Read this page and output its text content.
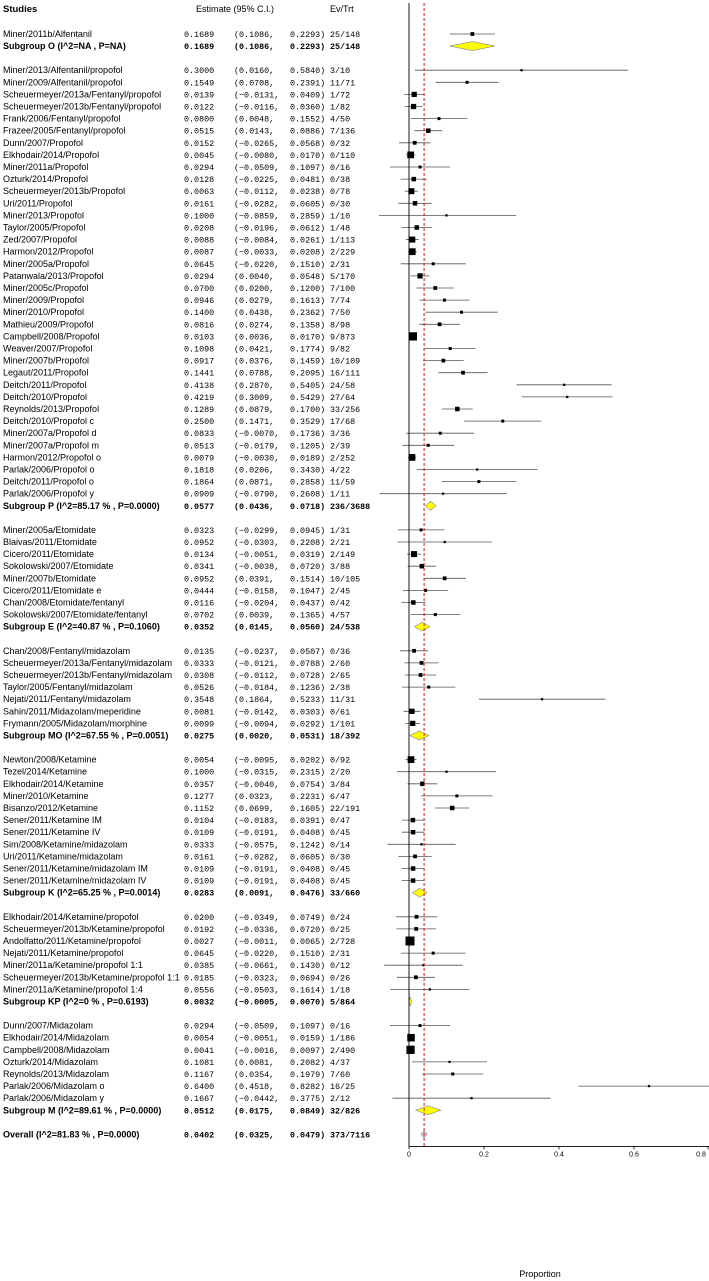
Studies	Estimate (95% C.I.)	Ev/Trt
Miner/2011b/Alfentanil	0.1689 (0.1086, 0.2293) 25/148
Subgroup O (I^2=NA , P=NA)	0.1689 (0.1086, 0.2293) 25/148
Miner/2013/Alfentanil/propofol	0.3000 (0.0160, 0.5840) 3/10
Miner/2009/Alfentanil/propofol	0.1549 (0.0708, 0.2391) 11/71
Scheuermeyer/2013a/Fentanyl/propofol	0.0139 (−0.0131, 0.0409) 1/72
Scheuermeyer/2013b/Fentanyl/propofol	0.0122 (−0.0116, 0.0360) 1/82
Frank/2006/Fentanyl/propofol	0.0800 (0.0048, 0.1552) 4/50
Frazee/2005/Fentanyl/propofol	0.0515 (0.0143, 0.0886) 7/136
Dunn/2007/Propofol	0.0152 (−0.0265, 0.0568) 0/32
Elkhodair/2014/Propofol	0.0045 (−0.0080, 0.0170) 0/110
Miner/2011a/Propofol	0.0294 (−0.0509, 0.1097) 0/16
Ozturk/2014/Propofol	0.0128 (−0.0225, 0.0481) 0/38
Scheuermeyer/2013b/Propofol	0.0063 (−0.0112, 0.0238) 0/78
Uri/2011/Propofol	0.0161 (−0.0282, 0.0605) 0/30
Miner/2013/Propofol	0.1000 (−0.0859, 0.2859) 1/10
Taylor/2005/Propofol	0.0208 (−0.0196, 0.0612) 1/48
Zed/2007/Propofol	0.0088 (−0.0084, 0.0261) 1/113
Harmon/2012/Propofol	0.0087 (−0.0033, 0.0208) 2/229
Miner/2005a/Propofol	0.0645 (−0.0220, 0.1510) 2/31
Patanwala/2013/Propofol	0.0294 (0.0040, 0.0548) 5/170
Miner/2005c/Propofol	0.0700 (0.0200, 0.1200) 7/100
Miner/2009/Propofol	0.0946 (0.0279, 0.1613) 7/74
Miner/2010/Propofol	0.1400 (0.0438, 0.2362) 7/50
Mathieu/2009/Propofol	0.0816 (0.0274, 0.1358) 8/98
Campbell/2008/Propofol	0.0103 (0.0036, 0.0170) 9/873
Weaver/2007/Propofol	0.1098 (0.0421, 0.1774) 9/82
Miner/2007b/Propofol	0.0917 (0.0376, 0.1459) 10/109
Legaut/2011/Propofol	0.1441 (0.0788, 0.2095) 16/111
Deitch/2011/Propofol	0.4138 (0.2870, 0.5405) 24/58
Deitch/2010/Propofol	0.4219 (0.3009, 0.5429) 27/64
Reynolds/2013/Propofol	0.1289 (0.0879, 0.1700) 33/256
Deitch/2010/Propofol c	0.2500 (0.1471, 0.3529) 17/68
Miner/2007a/Propofol d	0.0833 (−0.0070, 0.1736) 3/36
Miner/2007a/Propofol m	0.0513 (−0.0179, 0.1205) 2/39
Harmon/2012/Propofol o	0.0079 (−0.0030, 0.0189) 2/252
Parlak/2006/Propofol o	0.1818 (0.0206, 0.3430) 4/22
Deitch/2011/Propofol o	0.1864 (0.0871, 0.2858) 11/59
Parlak/2006/Propofol y	0.0909 (−0.0790, 0.2608) 1/11
Subgroup P (I^2=85.17 % , P=0.0000)	0.0577 (0.0436, 0.0718) 236/3688
Miner/2005a/Etomidate	0.0323 (−0.0299, 0.0945) 1/31
Blaivas/2011/Etomidate	0.0952 (−0.0303, 0.2208) 2/21
Cicero/2011/Etomidate	0.0134 (−0.0051, 0.0319) 2/149
Sokolowski/2007/Etomidate	0.0341 (−0.0038, 0.0720) 3/88
Miner/2007b/Etomidate	0.0952 (0.0391, 0.1514) 10/105
Cicero/2011/Etomidate e	0.0444 (−0.0158, 0.1047) 2/45
Chan/2008/Etomidate/fentanyl	0.0116 (−0.0204, 0.0437) 0/42
Sokolowski/2007/Etomidate/fentanyl	0.0702 (0.0039, 0.1365) 4/57
Subgroup E (I^2=40.87 % , P=0.1060)	0.0352 (0.0145, 0.0560) 24/538
Chan/2008/Fentanyl/midazolam	0.0135 (−0.0237, 0.0507) 0/36
Scheuermeyer/2013a/Fentanyl/midazolam 0.0333 (−0.0121, 0.0788) 2/60
Scheuermeyer/2013b/Fentanyl/midazolam 0.0308 (−0.0112, 0.0728) 2/65
Taylor/2005/Fentanyl/midazolam	0.0526 (−0.0184, 0.1236) 2/38
Nejati/2011/Fentanyl/midazolam	0.3548 (0.1864, 0.5233) 11/31
Sahin/2011/Midazolam/meperidine	0.0081 (−0.0142, 0.0303) 0/61
Frymann/2005/Midazolam/morphine	0.0099 (−0.0094, 0.0292) 1/101
Subgroup MO (I^2=67.55 % , P=0.0051) 0.0275 (0.0020, 0.0531) 18/392
Newton/2008/Ketamine	0.0054 (−0.0095, 0.0202) 0/92
Tezel/2014/Ketamine	0.1000 (−0.0315, 0.2315) 2/20
Elkhodair/2014/Ketamine	0.0357 (−0.0040, 0.0754) 3/84
Miner/2010/Ketamine	0.1277 (0.0323, 0.2231) 6/47
Bisanzo/2012/Ketamine	0.1152 (0.0699, 0.1605) 22/191
Sener/2011/Ketamine IM	0.0104 (−0.0183, 0.0391) 0/47
Sener/2011/Ketamine IV	0.0109 (−0.0191, 0.0408) 0/45
Sim/2008/Ketamine/midazolam	0.0333 (−0.0575, 0.1242) 0/14
Uri/2011/Ketamine/midazolam	0.0161 (−0.0282, 0.0605) 0/30
Sener/2011/Ketamine/midazolam IM	0.0109 (−0.0191, 0.0408) 0/45
Sener/2011/Ketamine/midazolam IV	0.0109 (−0.0191, 0.0408) 0/45
Subgroup K (I^2=65.25 % , P=0.0014)	0.0283 (0.0091, 0.0476) 33/660
Elkhodair/2014/Ketamine/propofol	0.0200 (−0.0349, 0.0749) 0/24
Scheuermeyer/2013b/Ketamine/propofol 0.0192 (−0.0336, 0.0720) 0/25
Andolfatto/2011/Ketamine/propofol	0.0027 (−0.0011, 0.0065) 2/728
Nejati/2011/Ketamine/propofol	0.0645 (−0.0220, 0.1510) 2/31
Miner/2011a/Ketamine/propofol 1:1	0.0385 (−0.0661, 0.1430) 0/12
Scheuermeyer/2013b/Ketamine/propofol 1:1 0.0185 (−0.0323, 0.0694) 0/26
Miner/2011a/Ketamine/propofol 1:4	0.0556 (−0.0503, 0.1614) 1/18
Subgroup KP (I^2=0 % , P=0.6193)	0.0032 (−0.0005, 0.0070) 5/864
Dunn/2007/Midazolam	0.0294 (−0.0509, 0.1097) 0/16
Elkhodair/2014/Midazolam	0.0054 (−0.0051, 0.0159) 1/186
Campbell/2008/Midazolam	0.0041 (−0.0016, 0.0097) 2/490
Ozturk/2014/Midazolam	0.1081 (0.0081, 0.2082) 4/37
Reynolds/2013/Midazolam	0.1167 (0.0354, 0.1979) 7/60
Parlak/2006/Midazolam o	0.6400 (0.4518, 0.8282) 16/25
Parlak/2006/Midazolam y	0.1667 (−0.0442, 0.3775) 2/12
Subgroup M (I^2=89.61 % , P=0.0000)	0.0512 (0.0175, 0.0849) 32/826
Overall (I^2=81.83 % , P=0.0000)	0.0402 (0.0325, 0.0479) 373/7116
0	0.2	0.4	0.6	0.8
Proportion
